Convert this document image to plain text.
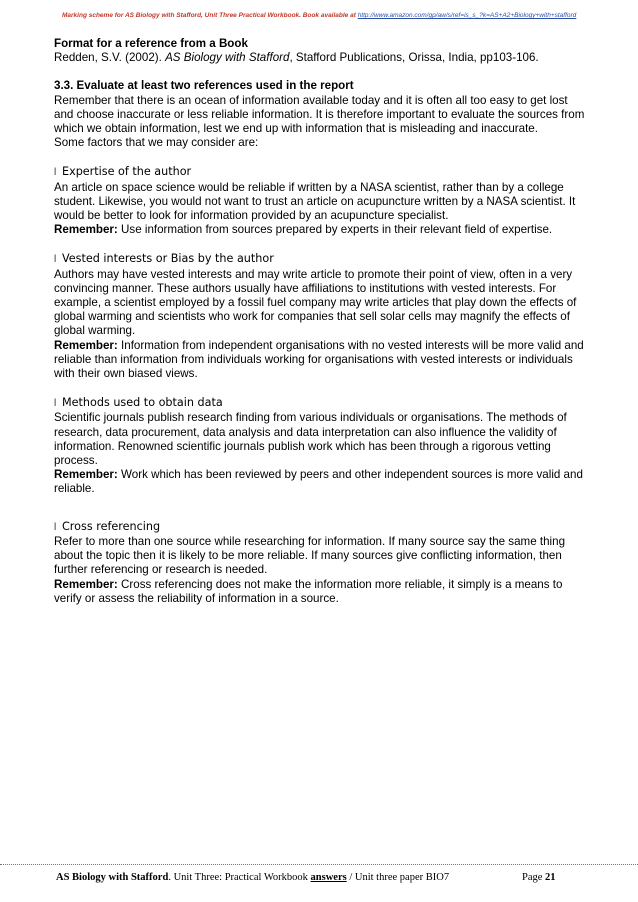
Marking scheme for AS Biology with Stafford, Unit Three Practical Workbook. Book available at http://www.amazon.com/gp/aw/s/ref=is_s_?k=AS+A2+Biology+with+stafford

Format for a reference from a Book

Redden, S.V. (2002). AS Biology with Stafford, Stafford Publications, Orissa, India, pp103-106.

3.3. Evaluate at least two references used in the report

Remember that there is an ocean of information available today and it is often all too easy to get lost and choose inaccurate or less reliable information. It is therefore important to evaluate the sources from which we obtain information, lest we end up with information that is misleading and inaccurate.

Some factors that we may consider are:

l Expertise of the author

An article on space science would be reliable if written by a NASA scientist, rather than by a college student. Likewise, you would not want to trust an article on acupuncture written by a NASA scientist. It would be better to look for information provided by an acupuncture specialist.

Remember: Use information from sources prepared by experts in their relevant field of expertise.

l Vested interests or Bias by the author

Authors may have vested interests and may write article to promote their point of view, often in a very convincing manner. These authors usually have affiliations to institutions with vested interests. For example, a scientist employed by a fossil fuel company may write articles that play down the effects of global warming and scientists who work for companies that sell solar cells may magnify the effects of global warming.

Remember: Information from independent organisations with no vested interests will be more valid and reliable than information from individuals working for organisations with vested interests or individuals with their own biased views.

l Methods used to obtain data

Scientific journals publish research finding from various individuals or organisations. The methods of research, data procurement, data analysis and data interpretation can also influence the validity of information. Renowned scientific journals publish work which has been through a rigorous vetting process.

Remember: Work which has been reviewed by peers and other independent sources is more valid and reliable.

l Cross referencing

Refer to more than one source while researching for information. If many source say the same thing about the topic then it is likely to be more reliable. If many sources give conflicting information, then further referencing or research is needed.

Remember: Cross referencing does not make the information more reliable, it simply is a means to verify or assess the reliability of information in a source.

AS Biology with Stafford. Unit Three: Practical Workbook answers / Unit three paper BIO7	Page 21
